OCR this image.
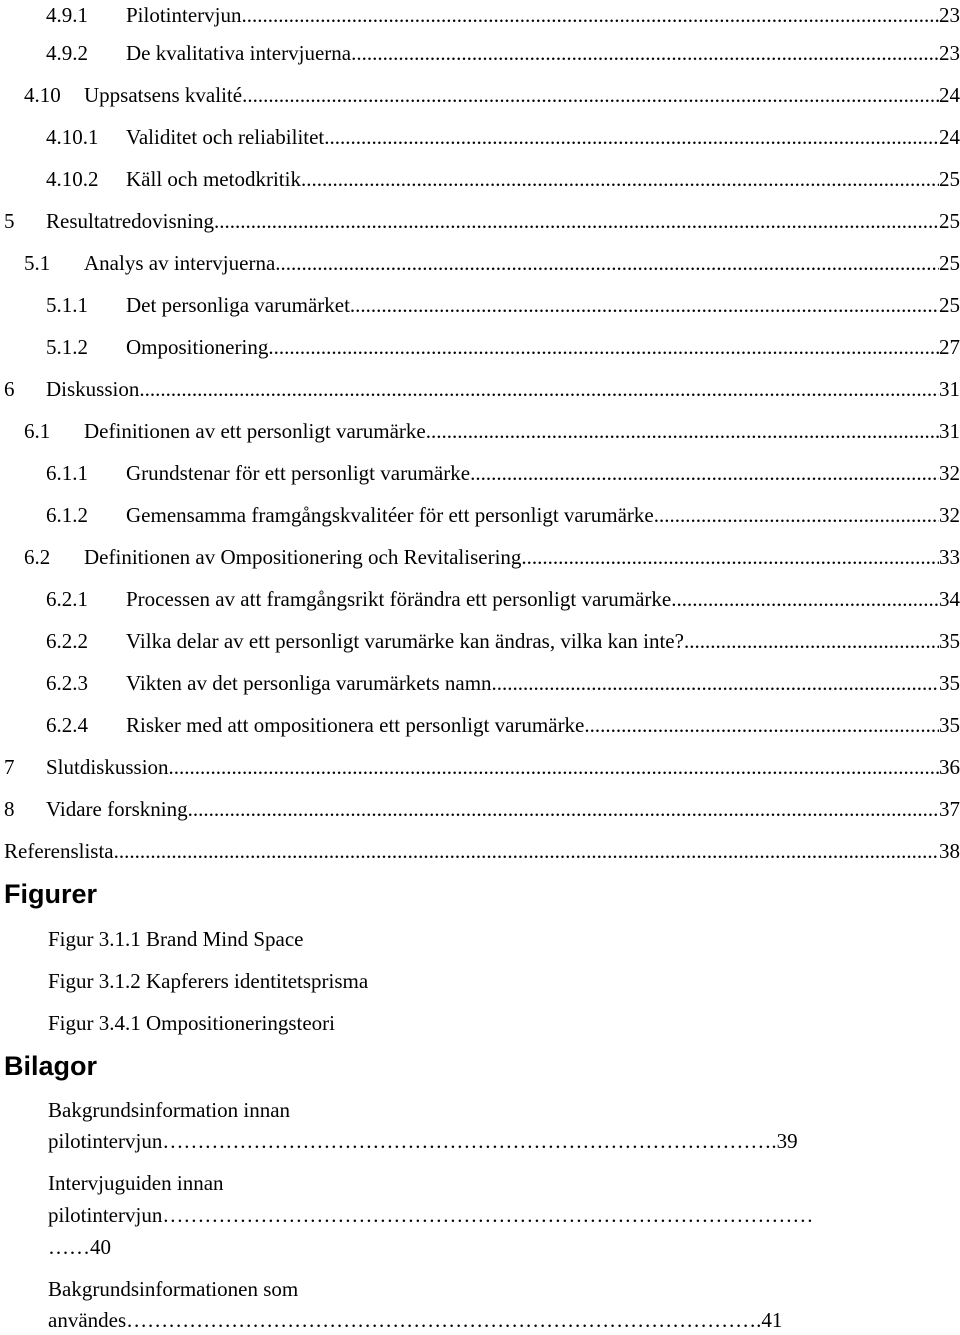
4.9.1 Pilotintervjun .....	23
4.9.2 De kvalitativa intervjuerna .....	23
4.10 Uppsatsens kvalité .....	24
4.10.1 Validitet och reliabilitet .....	24
4.10.2 Käll och metodkritik .....	25
5 Resultatredovisning .....	25
5.1 Analys av intervjuerna .....	25
5.1.1 Det personliga varumärket .....	25
5.1.2 Ompositionering .....	27
6 Diskussion .....	31
6.1 Definitionen av ett personligt varumärke .....	31
6.1.1 Grundstenar för ett personligt varumärke .....	32
6.1.2 Gemensamma framgångskvalitéer för ett personligt varumärke .....	32
6.2 Definitionen av Ompositionering och Revitalisering .....	33
6.2.1 Processen av att framgångsrikt förändra ett personligt varumärke .....	34
6.2.2 Vilka delar av ett personligt varumärke kan ändras, vilka kan inte? .....	35
6.2.3 Vikten av det personliga varumärkets namn .....	35
6.2.4 Risker med att ompositionera ett personligt varumärke .....	35
7 Slutdiskussion .....	36
8 Vidare forskning .....	37
Referenslista .....	38
Figurer
Figur 3.1.1 Brand Mind Space
Figur 3.1.2 Kapferers identitetsprisma
Figur 3.4.1 Ompositioneringsteori
Bilagor
Bakgrundsinformation innan
pilotintervjun…………………………………………………………………………….39
Intervjuguiden innan
pilotintervjun…………………………………………………………………………………
……40
Bakgrundsinformationen som
användes……………………………………………………………………………….41
